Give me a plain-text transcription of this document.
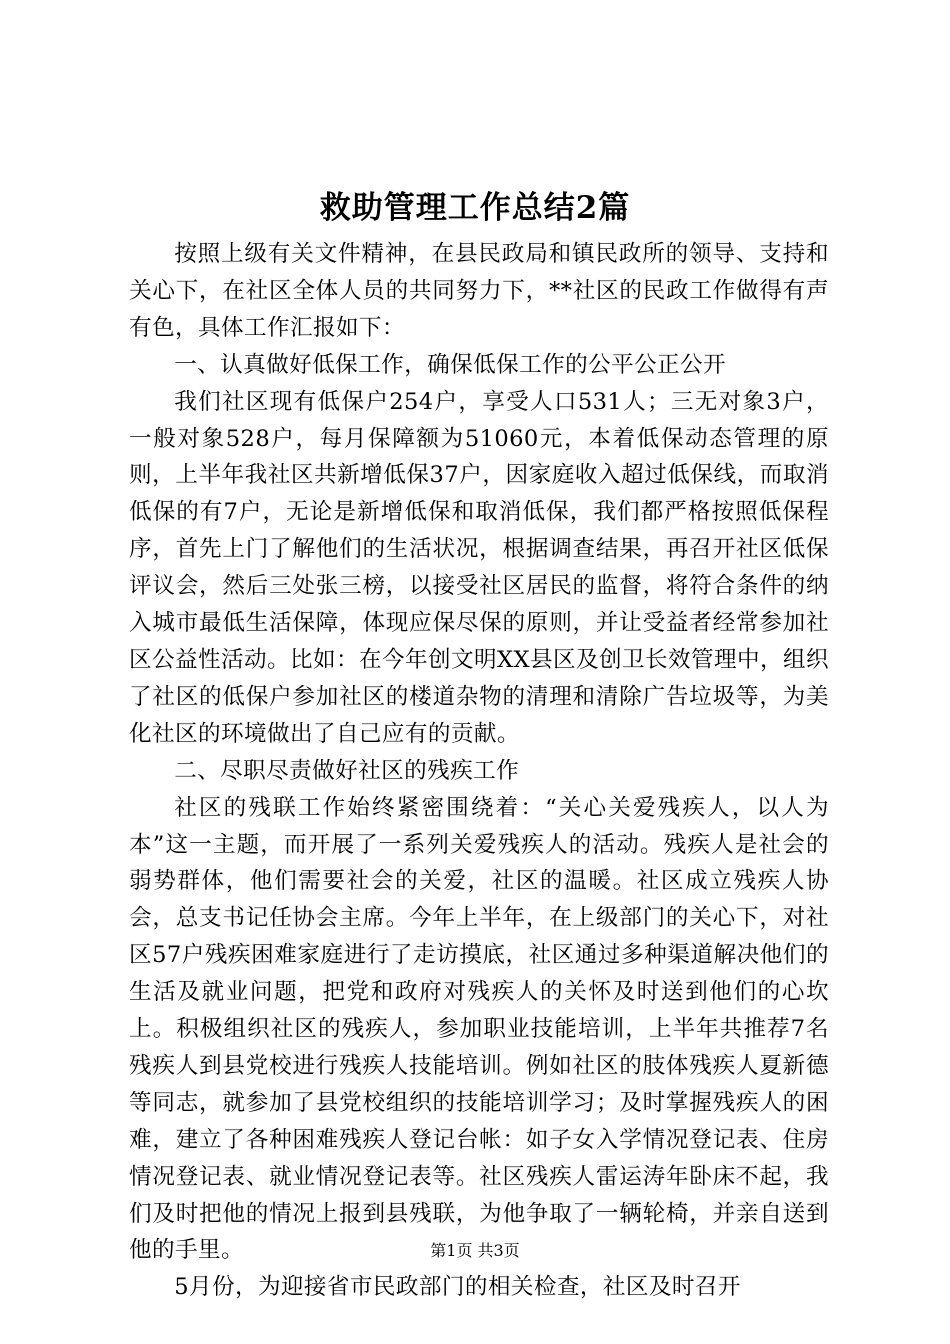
救助管理工作总结2篇

按照上级有关文件精神，在县民政局和镇民政所的领导、支持和关心下，在社区全体人员的共同努力下，**社区的民政工作做得有声有色，具体工作汇报如下：

一、认真做好低保工作，确保低保工作的公平公正公开

我们社区现有低保户254户，享受人口531人；三无对象3户，一般对象528户，每月保障额为51060元，本着低保动态管理的原则，上半年我社区共新增低保37户，因家庭收入超过低保线，而取消低保的有7户，无论是新增低保和取消低保，我们都严格按照低保程序，首先上门了解他们的生活状况，根据调查结果，再召开社区低保评议会，然后三处张三榜，以接受社区居民的监督，将符合条件的纳入城市最低生活保障，体现应保尽保的原则，并让受益者经常参加社区公益性活动。比如：在今年创文明XX县区及创卫长效管理中，组织了社区的低保户参加社区的楼道杂物的清理和清除广告垃圾等，为美化社区的环境做出了自己应有的贡献。

二、尽职尽责做好社区的残疾工作

社区的残联工作始终紧密围绕着：“关心关爱残疾人，以人为本”这一主题，而开展了一系列关爱残疾人的活动。残疾人是社会的弱势群体，他们需要社会的关爱，社区的温暖。社区成立残疾人协会，总支书记任协会主席。今年上半年，在上级部门的关心下，对社区57户残疾困难家庭进行了走访摸底，社区通过多种渠道解决他们的生活及就业问题，把党和政府对残疾人的关怀及时送到他们的心坎上。积极组织社区的残疾人，参加职业技能培训，上半年共推荐7名残疾人到县党校进行残疾人技能培训。例如社区的肢体残疾人夏新德等同志，就参加了县党校组织的技能培训学习；及时掌握残疾人的困难，建立了各种困难残疾人登记台帐：如子女入学情况登记表、住房情况登记表、就业情况登记表等。社区残疾人雷运涛年卧床不起，我们及时把他的情况上报到县残联，为他争取了一辆轮椅，并亲自送到他的手里。

5月份，为迎接省市民政部门的相关检查，社区及时召开

第1页 共3页
